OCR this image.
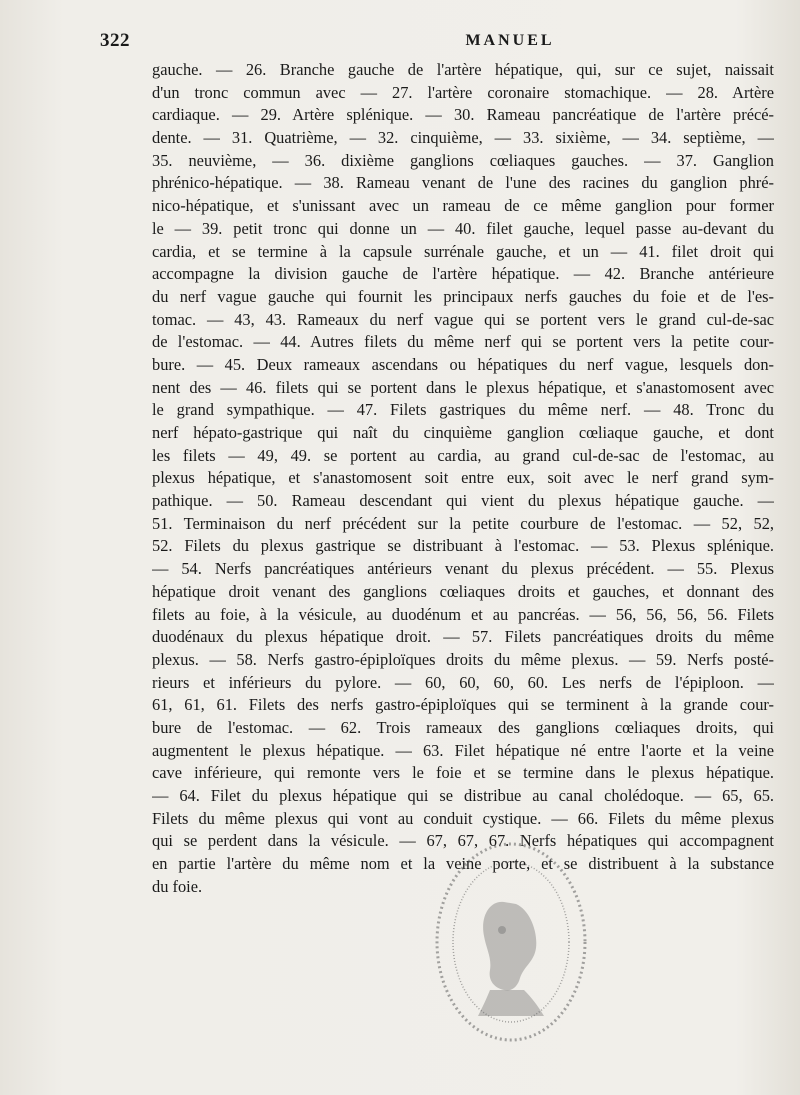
322	MANUEL
gauche. — 26. Branche gauche de l'artère hépatique, qui, sur ce sujet, naissait
d'un tronc commun avec — 27. l'artère coronaire stomachique. — 28. Artère
cardiaque. — 29. Artère splénique. — 30. Rameau pancréatique de l'artère précé-
dente. — 31. Quatrième, — 32. cinquième, — 33. sixième, — 34. septième, —
35. neuvième, — 36. dixième ganglions cœliaques gauches. — 37. Ganglion
phrénico-hépatique. — 38. Rameau venant de l'une des racines du ganglion phré-
nico-hépatique, et s'unissant avec un rameau de ce même ganglion pour former
le — 39. petit tronc qui donne un — 40. filet gauche, lequel passe au-devant du
cardia, et se termine à la capsule surrénale gauche, et un — 41. filet droit qui
accompagne la division gauche de l'artère hépatique. — 42. Branche antérieure
du nerf vague gauche qui fournit les principaux nerfs gauches du foie et de l'es-
tomac. — 43, 43. Rameaux du nerf vague qui se portent vers le grand cul-de-sac
de l'estomac. — 44. Autres filets du même nerf qui se portent vers la petite cour-
bure. — 45. Deux rameaux ascendans ou hépatiques du nerf vague, lesquels don-
nent des — 46. filets qui se portent dans le plexus hépatique, et s'anastomosent avec
le grand sympathique. — 47. Filets gastriques du même nerf. — 48. Tronc du
nerf hépato-gastrique qui naît du cinquième ganglion cœliaque gauche, et dont
les filets — 49, 49. se portent au cardia, au grand cul-de-sac de l'estomac, au
plexus hépatique, et s'anastomosent soit entre eux, soit avec le nerf grand sym-
pathique. — 50. Rameau descendant qui vient du plexus hépatique gauche. —
51. Terminaison du nerf précédent sur la petite courbure de l'estomac. — 52, 52,
52. Filets du plexus gastrique se distribuant à l'estomac. — 53. Plexus splénique.
— 54. Nerfs pancréatiques antérieurs venant du plexus précédent. — 55. Plexus
hépatique droit venant des ganglions cœliaques droits et gauches, et donnant des
filets au foie, à la vésicule, au duodénum et au pancréas. — 56, 56, 56, 56. Filets
duodénaux du plexus hépatique droit. — 57. Filets pancréatiques droits du même
plexus. — 58. Nerfs gastro-épiploïques droits du même plexus. — 59. Nerfs posté-
rieurs et inférieurs du pylore. — 60, 60, 60, 60. Les nerfs de l'épiploon. —
61, 61, 61. Filets des nerfs gastro-épiploïques qui se terminent à la grande cour-
bure de l'estomac. — 62. Trois rameaux des ganglions cœliaques droits, qui
augmentent le plexus hépatique. — 63. Filet hépatique né entre l'aorte et la veine
cave inférieure, qui remonte vers le foie et se termine dans le plexus hépatique.
— 64. Filet du plexus hépatique qui se distribue au canal cholédoque. — 65, 65.
Filets du même plexus qui vont au conduit cystique. — 66. Filets du même plexus
qui se perdent dans la vésicule. — 67, 67, 67. Nerfs hépatiques qui accompagnent
en partie l'artère du même nom et la veine porte, et se distribuent à la substance
du foie.
